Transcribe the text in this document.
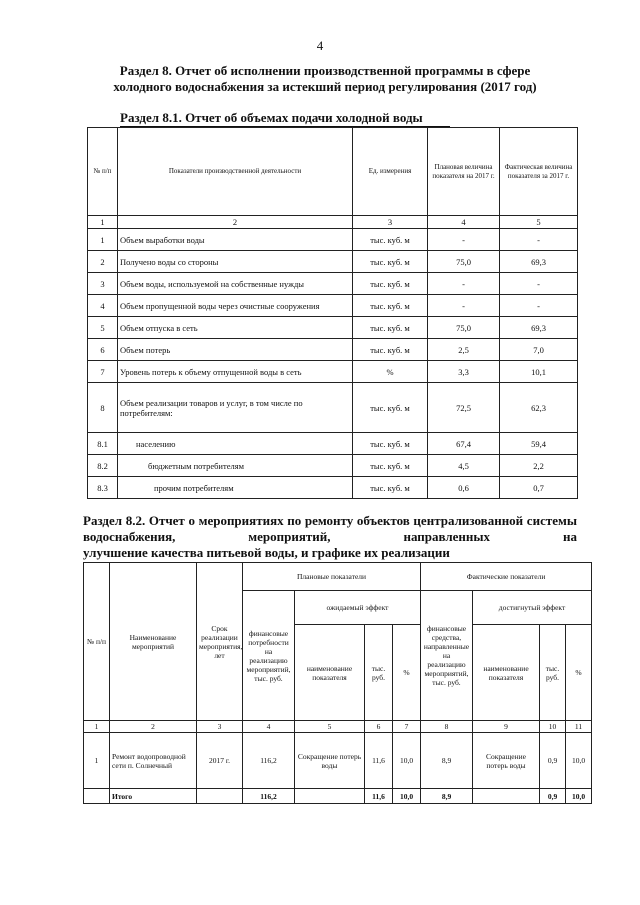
4
Раздел 8. Отчет об исполнении производственной программы в сфере холодного водоснабжения за истекший период регулирования (2017 год)
Раздел 8.1. Отчет об объемах подачи холодной воды
№ п/п	Показатели производственной деятельности	Ед. измерения	Плановая величина показателя на 2017 г.	Фактическая величина показателя за 2017 г.
1	2	3	4	5
1	Объем выработки воды	тыс. куб. м	-	-
2	Получено воды со стороны	тыс. куб. м	75,0	69,3
3	Объем воды, используемой на собственные нужды	тыс. куб. м	-	-
4	Объем пропущенной воды через очистные сооружения	тыс. куб. м	-	-
5	Объем отпуска в сеть	тыс. куб. м	75,0	69,3
6	Объем потерь	тыс. куб. м	2,5	7,0
7	Уровень потерь к объему отпущенной воды в сеть	%	3,3	10,1
8	Объем реализации товаров и услуг, в том числе по потребителям:	тыс. куб. м	72,5	62,3
8.1	населению	тыс. куб. м	67,4	59,4
8.2	бюджетным потребителям	тыс. куб. м	4,5	2,2
8.3	прочим потребителям	тыс. куб. м	0,6	0,7
Раздел 8.2. Отчет о мероприятиях по ремонту объектов централизованной системы водоснабжения, мероприятий, направленных на
улучшение качества питьевой воды, и графике их реализации
№ п/п	Наименование мероприятий	Срок реализации мероприятия, лет	Плановые показатели				Фактические показатели			
			финансовые потребности на реализацию мероприятий, тыс. руб.	ожидаемый эффект			финансовые средства, направленные на реализацию мероприятий, тыс. руб.	достигнутый эффект		
				наименование показателя	тыс. руб.	%		наименование показателя	тыс. руб.	%
1	2	3	4	5	6	7	8	9	10	11
1	Ремонт водопроводной сети п. Солнечный	2017 г.	116,2	Сокращение потерь воды	11,6	10,0	8,9	Сокращение потерь воды	0,9	10,0
	Итого		116,2		11,6	10,0	8,9		0,9	10,0
